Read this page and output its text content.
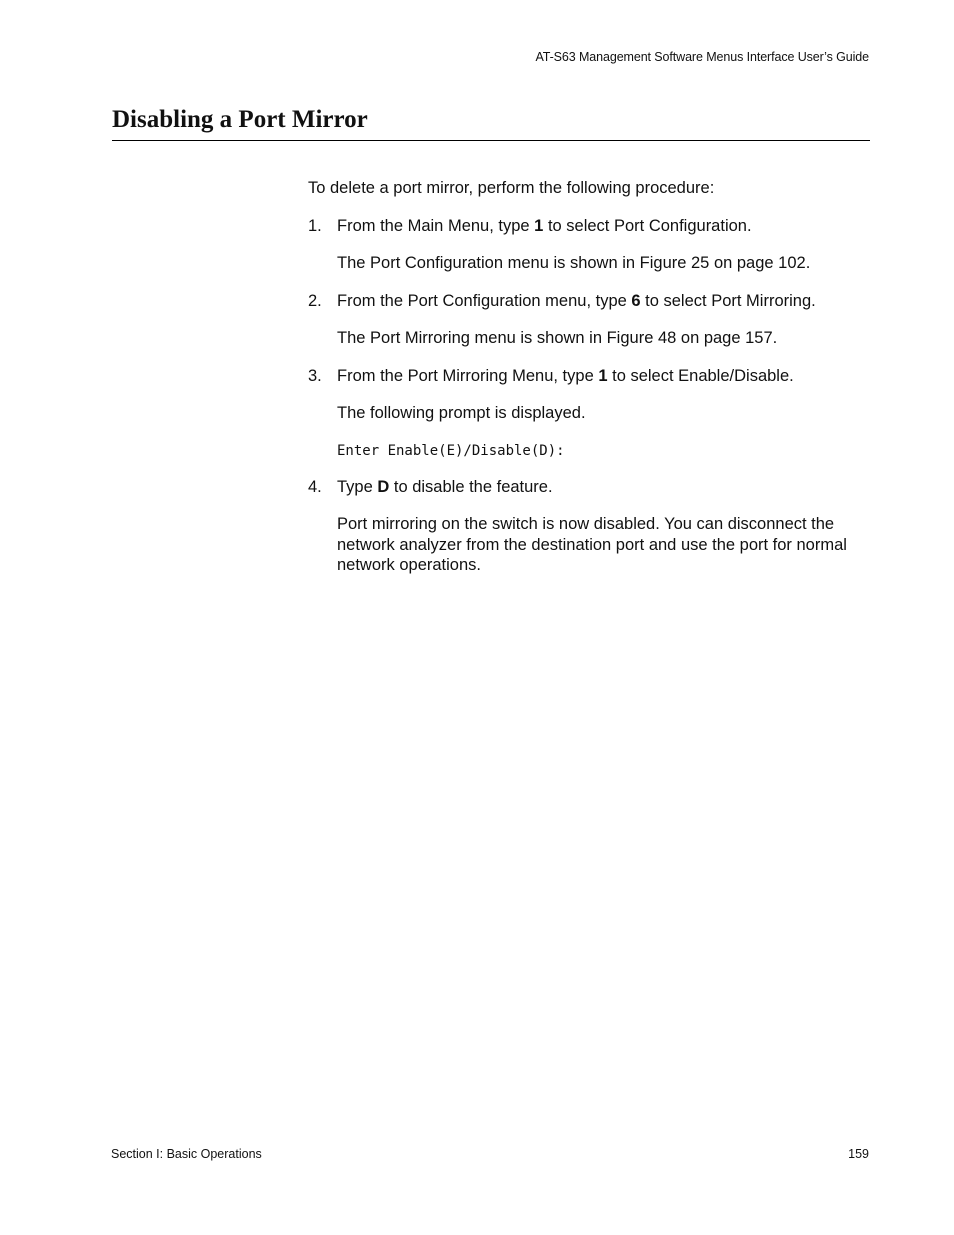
AT-S63 Management Software Menus Interface User’s Guide
Disabling a Port Mirror

To delete a port mirror, perform the following procedure:

1. From the Main Menu, type 1 to select Port Configuration.

The Port Configuration menu is shown in Figure 25 on page 102.

2. From the Port Configuration menu, type 6 to select Port Mirroring.

The Port Mirroring menu is shown in Figure 48 on page 157.

3. From the Port Mirroring Menu, type 1 to select Enable/Disable.

The following prompt is displayed.

Enter Enable(E)/Disable(D):
4. Type D to disable the feature.

Port mirroring on the switch is now disabled. You can disconnect the network analyzer from the destination port and use the port for normal network operations.

Section I: Basic Operations	159
